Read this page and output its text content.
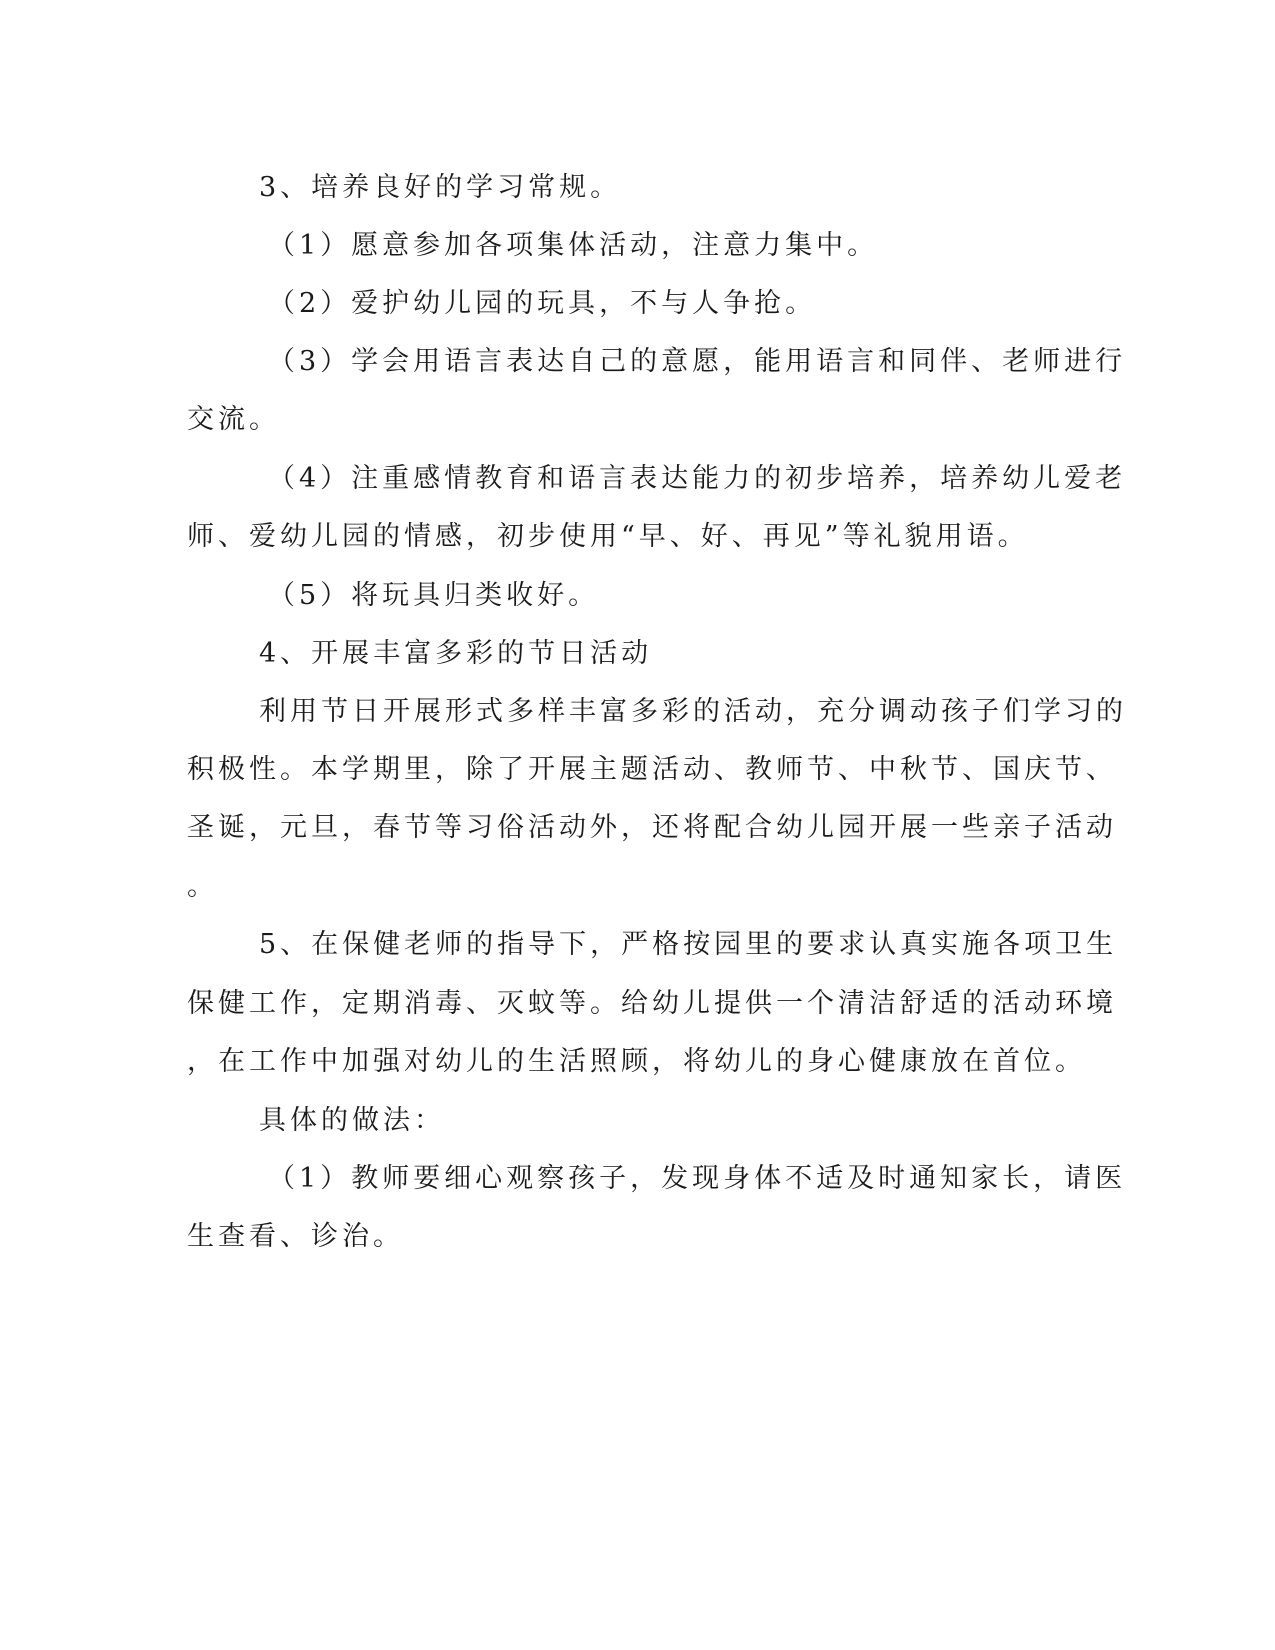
3、培养良好的学习常规。
（1）愿意参加各项集体活动，注意力集中。
（2）爱护幼儿园的玩具，不与人争抢。
（3）学会用语言表达自己的意愿，能用语言和同伴、老师进行
交流。
（4）注重感情教育和语言表达能力的初步培养，培养幼儿爱老
师、爱幼儿园的情感，初步使用“早、好、再见”等礼貌用语。
（5）将玩具归类收好。
4、开展丰富多彩的节日活动
利用节日开展形式多样丰富多彩的活动，充分调动孩子们学习的
积极性。本学期里，除了开展主题活动、教师节、中秋节、国庆节、
圣诞，元旦，春节等习俗活动外，还将配合幼儿园开展一些亲子活动
。
5、在保健老师的指导下，严格按园里的要求认真实施各项卫生
保健工作，定期消毒、灭蚊等。给幼儿提供一个清洁舒适的活动环境
，在工作中加强对幼儿的生活照顾，将幼儿的身心健康放在首位。
具体的做法：
（1）教师要细心观察孩子，发现身体不适及时通知家长，请医
生查看、诊治。
